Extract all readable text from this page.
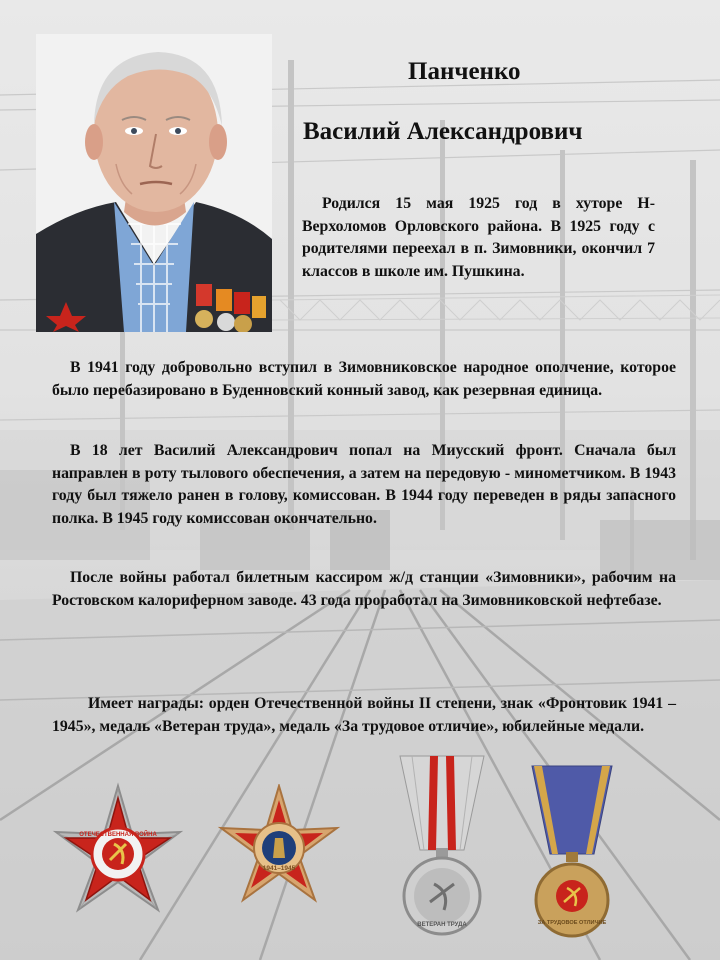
Панченко
Василий Александрович
Родился 15 мая 1925 год в хуторе Н-Верхоломов Орловского района. В 1925 году с родителями переехал в п. Зимовники, окончил 7 классов в школе им. Пушкина.
В 1941 году добровольно вступил в Зимовниковское народное ополчение, которое было перебазировано в Буденновский конный завод, как резервная единица.
В 18 лет Василий Александрович попал на Миусский фронт. Сначала был направлен в роту тылового обеспечения, а затем на передовую - минометчиком. В 1943 году был тяжело ранен в голову, комиссован. В 1944 году переведен в ряды запасного полка. В 1945 году комиссован окончательно.
После войны работал билетным кассиром ж/д станции «Зимовники», рабочим на Ростовском калориферном заводе. 43 года проработал на Зимовниковской нефтебазе.
Имеет награды: орден Отечественной войны II степени, знак «Фронтовик 1941 – 1945», медаль «Ветеран труда», медаль «За трудовое отличие», юбилейные медали.
ОТЕЧЕСТВЕННАЯ ВОЙНА
1941–1945
ВЕТЕРАН ТРУДА	ЗА ТРУДОВОЕ ОТЛИЧИЕ
